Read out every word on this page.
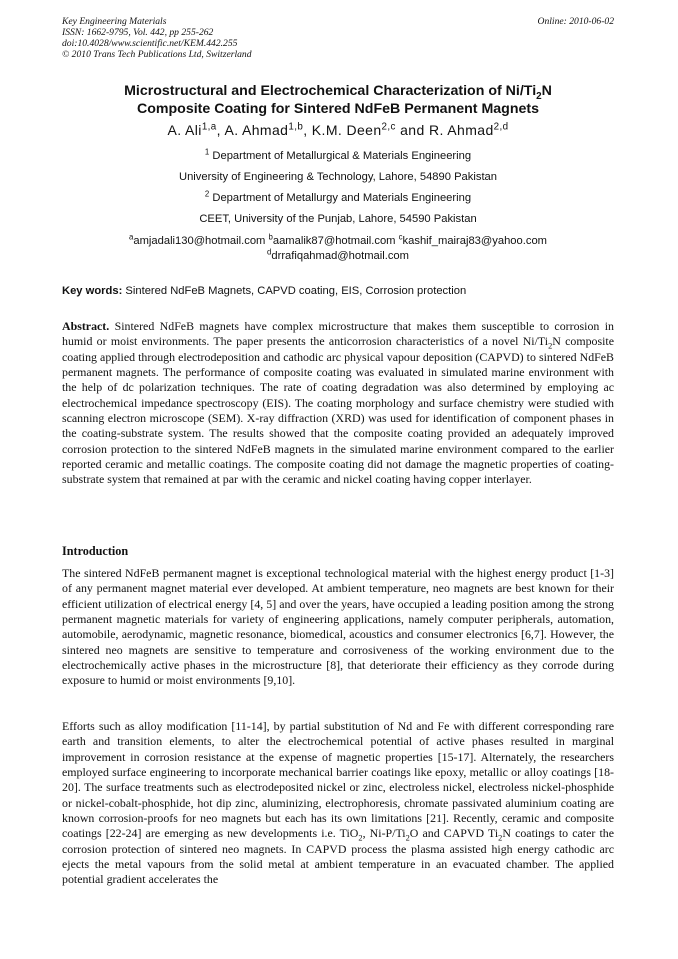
Key Engineering Materials
ISSN: 1662-9795, Vol. 442, pp 255-262
doi:10.4028/www.scientific.net/KEM.442.255
© 2010 Trans Tech Publications Ltd, Switzerland
Online: 2010-06-02
Microstructural and Electrochemical Characterization of $Ni/Ti_2N$
Composite Coating for Sintered NdFeB Permanent Magnets
A. Ali$^{1,a}$, A. Ahmad$^{1,b}$, K.M. Deen$^{2,c}$ and R. Ahmad$^{2,d}$
$^1$ Department of Metallurgical & Materials Engineering
University of Engineering & Technology, Lahore, 54890 Pakistan
$^2$ Department of Metallurgy and Materials Engineering
CEET, University of the Punjab, Lahore, 54590 Pakistan
$^a$amjadali130@hotmail.com $^b$aamalik87@hotmail.com $^c$kashif_mairaj83@yahoo.com
$^d$drrafiqahmad@hotmail.com
Key words: Sintered NdFeB Magnets, CAPVD coating, EIS, Corrosion protection

Abstract. Sintered NdFeB magnets have complex microstructure that makes them susceptible to corrosion in humid or moist environments. The paper presents the anticorrosion characteristics of a novel $Ni/Ti_2N$ composite coating applied through electrodeposition and cathodic arc physical vapour deposition (CAPVD) to sintered NdFeB permanent magnets. The performance of composite coating was evaluated in simulated marine environment with the help of dc polarization techniques. The rate of coating degradation was also determined by employing ac electrochemical impedance spectroscopy (EIS). The coating morphology and surface chemistry were studied with scanning electron microscope (SEM). X-ray diffraction (XRD) was used for identification of component phases in the coating-substrate system. The results showed that the composite coating provided an adequately improved corrosion protection to the sintered NdFeB magnets in the simulated marine environment compared to the earlier reported ceramic and metallic coatings. The composite coating did not damage the magnetic properties of coating-substrate system that remained at par with the ceramic and nickel coating having copper interlayer.

Introduction

The sintered NdFeB permanent magnet is exceptional technological material with the highest energy product [1-3] of any permanent magnet material ever developed. At ambient temperature, neo magnets are best known for their efficient utilization of electrical energy [4, 5] and over the years, have occupied a leading position among the strong permanent magnetic materials for variety of engineering applications, namely computer peripherals, automation, automobile, aerodynamic, magnetic resonance, biomedical, acoustics and consumer electronics [6,7]. However, the sintered neo magnets are sensitive to temperature and corrosiveness of the working environment due to the electrochemically active phases in the microstructure [8], that deteriorate their efficiency as they corrode during exposure to humid or moist environments [9,10].

Efforts such as alloy modification [11-14], by partial substitution of Nd and Fe with different corresponding rare earth and transition elements, to alter the electrochemical potential of active phases resulted in marginal improvement in corrosion resistance at the expense of magnetic properties [15-17]. Alternately, the researchers employed surface engineering to incorporate mechanical barrier coatings like epoxy, metallic or alloy coatings [18-20]. The surface treatments such as electrodeposited nickel or zinc, electroless nickel, electroless nickel-phosphide or nickel-cobalt-phosphide, hot dip zinc, aluminizing, electrophoresis, chromate passivated aluminium coating are known corrosion-proofs for neo magnets but each has its own limitations [21]. Recently, ceramic and composite coatings [22-24] are emerging as new developments i.e. TiO$_2$, $Ni-P/Ti_2O$ and CAPVD $Ti_2N$ coatings to cater the corrosion protection of sintered neo magnets. In CAPVD process the plasma assisted high energy cathodic arc ejects the metal vapours from the solid metal at ambient temperature in an evacuated chamber. The applied potential gradient accelerates the
